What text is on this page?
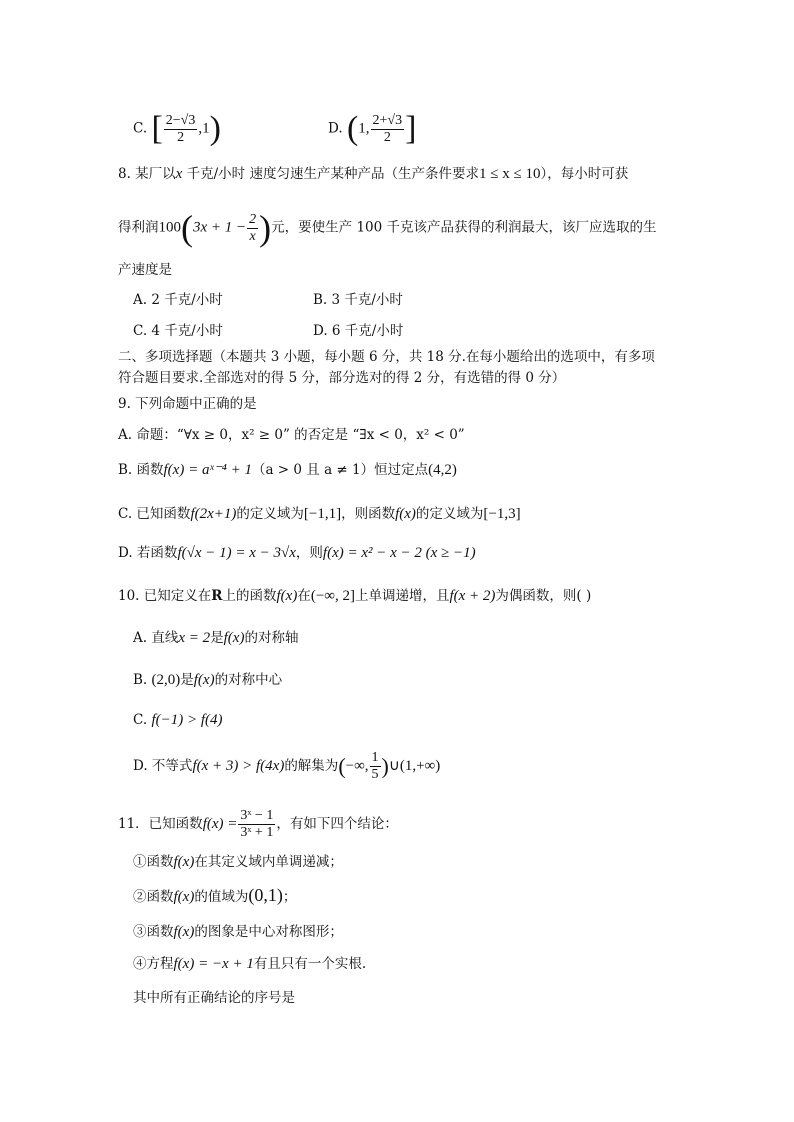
C. [ $\frac{2-√3}{2} ,1$)	D. (1, $\frac{2+√3}{2}$ ]
8. 某厂以x 千克/小时 速度匀速生产某种产品（生产条件要求1 ≤ x ≤ 10），每小时可获
得利润$100(3x + 1 - \frac{2}{x}$ )元，要使生产 100 千克该产品获得的利润最大，该厂应选取的生
产速度是
A. 2 千克/小时	B. 3 千克/小时
C. 4 千克/小时	D. 6 千克/小时
二、多项选择题（本题共 3 小题，每小题 6 分，共 18 分.在每小题给出的选项中，有多项
符合题目要求.全部选对的得 5 分，部分选对的得 2 分，有选错的得 0 分）
9. 下列命题中正确的是
A. 命题：“∀x ≥ 0，x² ≥ 0” 的否定是 “∃x < 0，x² < 0”
B. 函数f(x) = aˣ⁻⁴ + 1（a > 0 且 a ≠ 1）恒过定点(4,2)
C. 已知函数f(2x+1)的定义域为[−1,1]，则函数f(x)的定义域为[−1,3]
D. 若函数f(√x − 1) = x − 3√x，则f(x) = x² − x − 2 (x ≥ −1)
10. 已知定义在R上的函数f(x)在(−∞, 2]上单调递增，且f(x + 2)为偶函数，则( )
A. 直线x = 2是f(x)的对称轴
B. (2,0)是f(x)的对称中心
C. f(−1) > f(4)
D. 不等式f(x + 3) > f(4x)的解集为(−∞, $\frac{1}{5}$ )∪(1,+∞)
11．已知函数$f(x) = \frac{\text{3ˣ − 1}}{\text{3ˣ + 1}}$ ，有如下四个结论：
①函数f(x)在其定义域内单调递减；
②函数f(x)的值域为(0,1)；
③函数f(x)的图象是中心对称图形；
④方程f(x) = −x + 1有且只有一个实根.
其中所有正确结论的序号是
